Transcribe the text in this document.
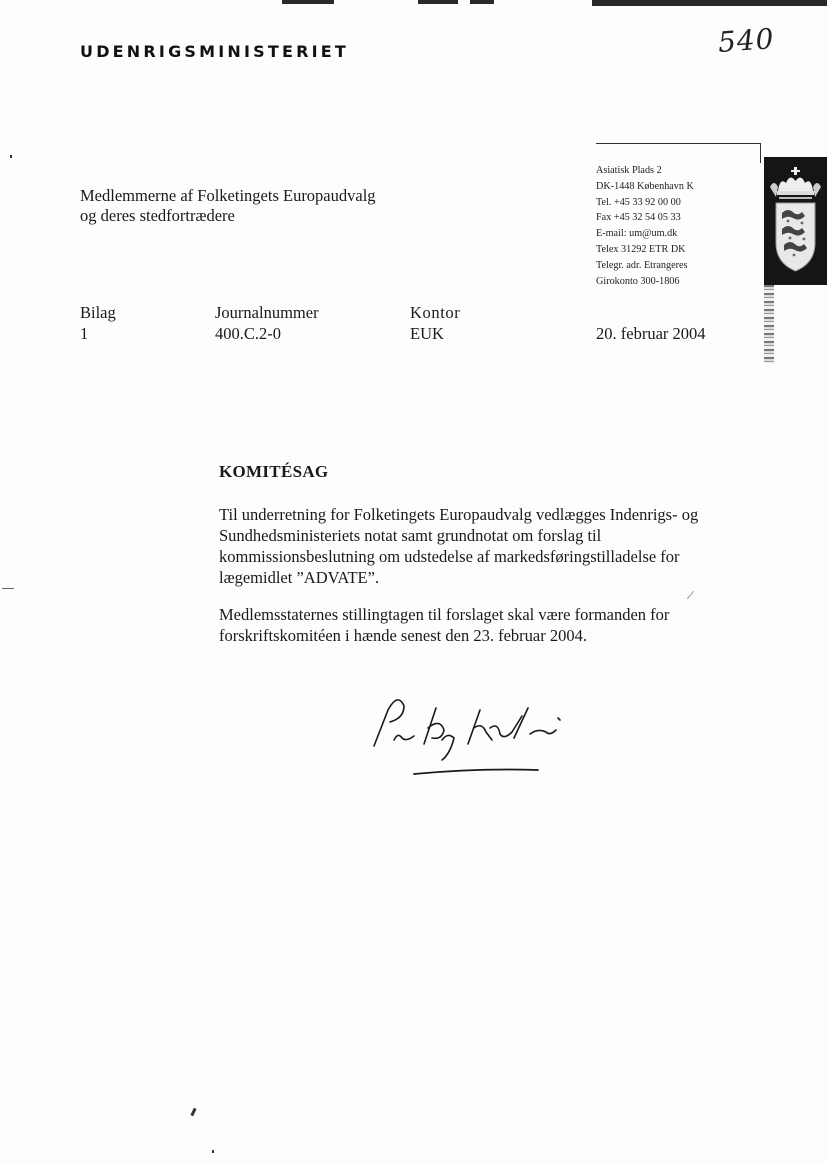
UDENRIGSMINISTERIET	540
Medlemmerne af Folketingets Europaudvalg
og deres stedfortrædere
Asiatisk Plads 2
DK-1448 København K
Tel. +45 33 92 00 00
Fax +45 32 54 05 33
E-mail: um@um.dk
Telex 31292 ETR DK
Telegr. adr. Etrangeres
Girokonto 300-1806
Bilag
1
Journalnummer
400.C.2-0
Kontor
EUK	20. februar 2004
KOMITÉSAG

Til underretning for Folketingets Europaudvalg vedlægges Indenrigs- og Sundhedsministeriets notat samt grundnotat om forslag til kommissionsbeslutning om udstedelse af markedsføringstilladelse for lægemidlet ”ADVATE”.

Medlemsstaternes stillingtagen til forslaget skal være formanden for forskriftskomitéen i hænde senest den 23. februar 2004.
